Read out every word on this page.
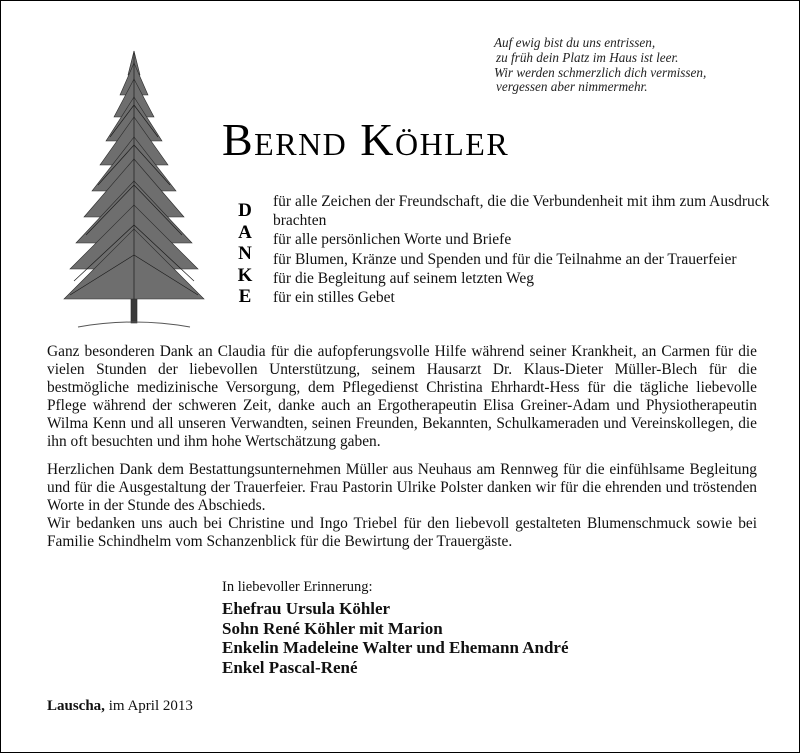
Auf ewig bist du uns entrissen,
zu früh dein Platz im Haus ist leer.
Wir werden schmerzlich dich vermissen,
vergessen aber nimmermehr.
Bernd Köhler
D
A
N
K
E

für alle Zeichen der Freundschaft, die die Verbundenheit mit ihm zum Ausdruck brachten

für alle persönlichen Worte und Briefe

für Blumen, Kränze und Spenden und für die Teilnahme an der Trauerfeier

für die Begleitung auf seinem letzten Weg

für ein stilles Gebet

Ganz besonderen Dank an Claudia für die aufopferungsvolle Hilfe während seiner Krankheit, an Carmen für die vielen Stunden der liebevollen Unterstützung, seinem Hausarzt Dr. Klaus-Dieter Müller-Blech für die bestmögliche medizinische Versorgung, dem Pflegedienst Christina Ehrhardt-Hess für die tägliche liebevolle Pflege während der schweren Zeit, danke auch an Ergotherapeutin Elisa Greiner-Adam und Physiotherapeutin Wilma Kenn und all unseren Verwandten, seinen Freunden, Bekannten, Schulkameraden und Vereinskollegen, die ihn oft besuchten und ihm hohe Wertschätzung gaben.

Herzlichen Dank dem Bestattungsunternehmen Müller aus Neuhaus am Rennweg für die einfühlsame Begleitung und für die Ausgestaltung der Trauerfeier. Frau Pastorin Ulrike Polster danken wir für die ehrenden und tröstenden Worte in der Stunde des Abschieds.

Wir bedanken uns auch bei Christine und Ingo Triebel für den liebevoll gestalteten Blumenschmuck sowie bei Familie Schindhelm vom Schanzenblick für die Bewirtung der Trauergäste.

In liebevoller Erinnerung:
Ehefrau Ursula Köhler
Sohn René Köhler mit Marion
Enkelin Madeleine Walter und Ehemann André
Enkel Pascal-René
Lauscha, im April 2013
